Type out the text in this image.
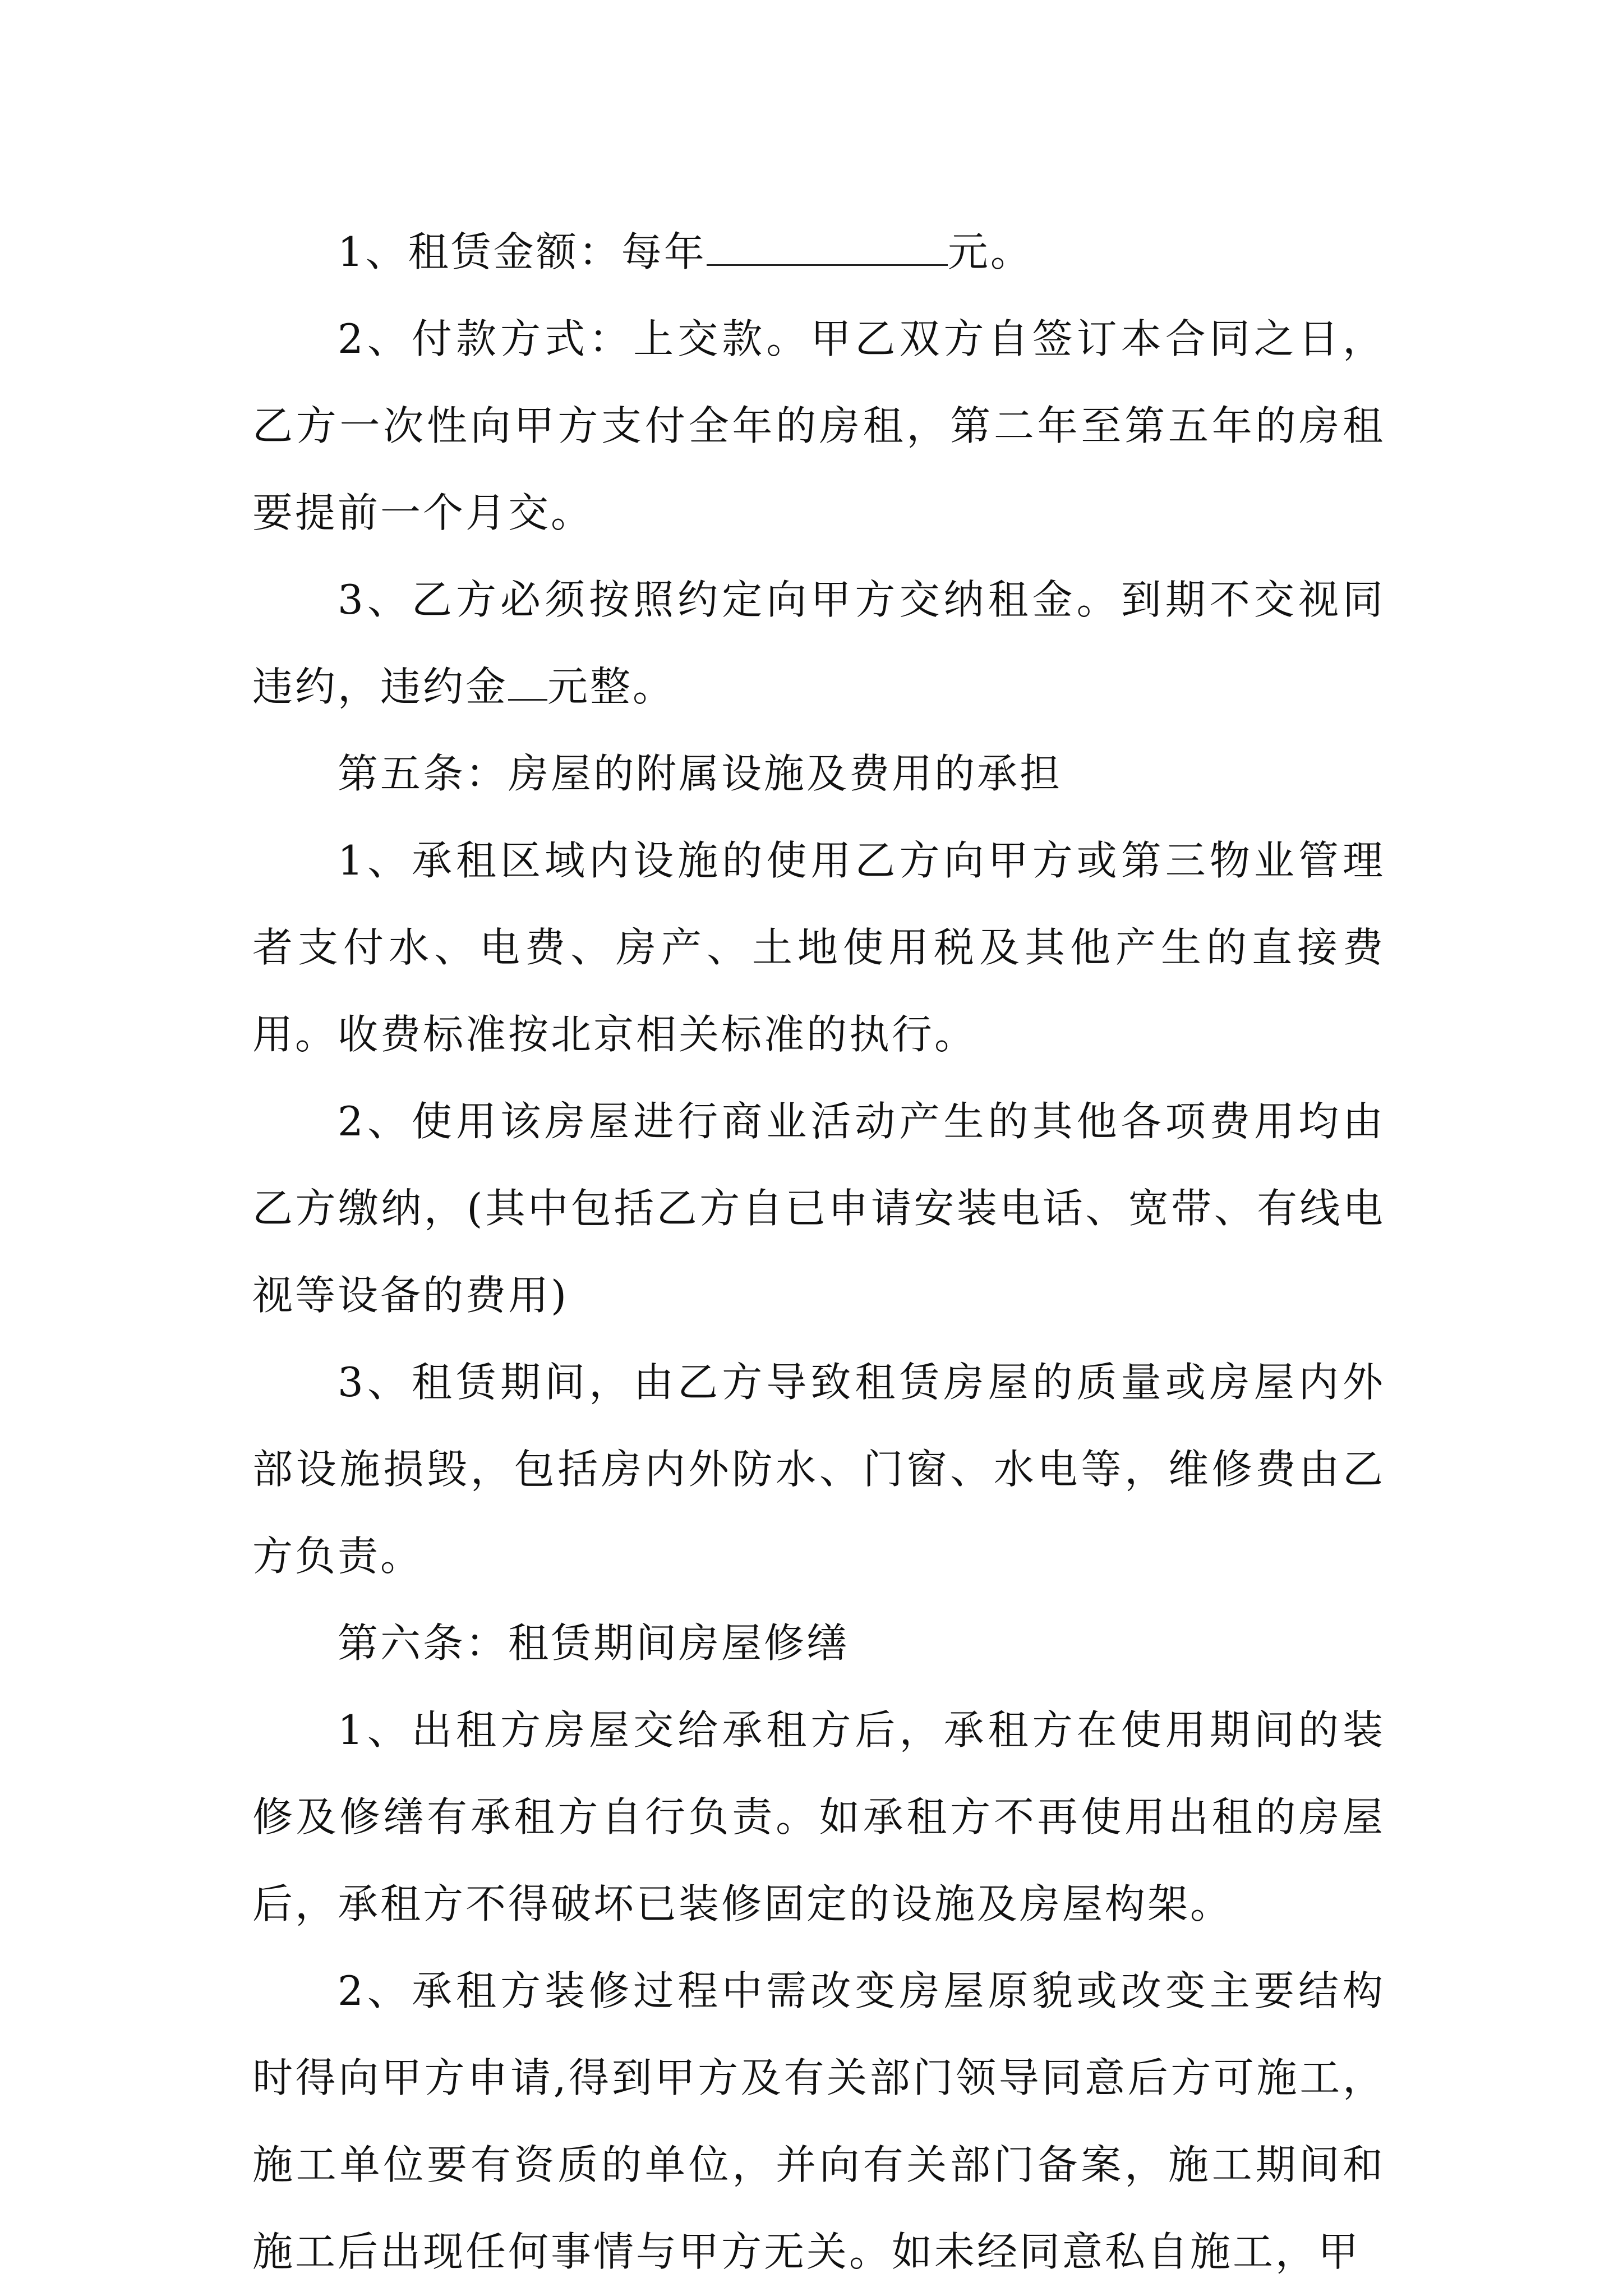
1、租赁金额：每年	元。

2、付款方式：上交款。甲乙双方自签订本合同之日，乙方一次性向甲方支付全年的房租，第二年至第五年的房租要提前一个月交。

3、乙方必须按照约定向甲方交纳租金。到期不交视同违约，违约金 元整。

第五条：房屋的附属设施及费用的承担

1、承租区域内设施的使用乙方向甲方或第三物业管理者支付水、电费、房产、土地使用税及其他产生的直接费用。收费标准按北京相关标准的执行。

2、使用该房屋进行商业活动产生的其他各项费用均由乙方缴纳，(其中包括乙方自已申请安装电话、宽带、有线电视等设备的费用)

3、租赁期间，由乙方导致租赁房屋的质量或房屋内外部设施损毁，包括房内外防水、门窗、水电等，维修费由乙方负责。

第六条：租赁期间房屋修缮

1、出租方房屋交给承租方后，承租方在使用期间的装修及修缮有承租方自行负责。如承租方不再使用出租的房屋后，承租方不得破坏已装修固定的设施及房屋构架。

2、承租方装修过程中需改变房屋原貌或改变主要结构时得向甲方申请,得到甲方及有关部门领导同意后方可施工，施工单位要有资质的单位，并向有关部门备案，施工期间和施工后出现任何事情与甲方无关。如未经同意私自施工，甲
